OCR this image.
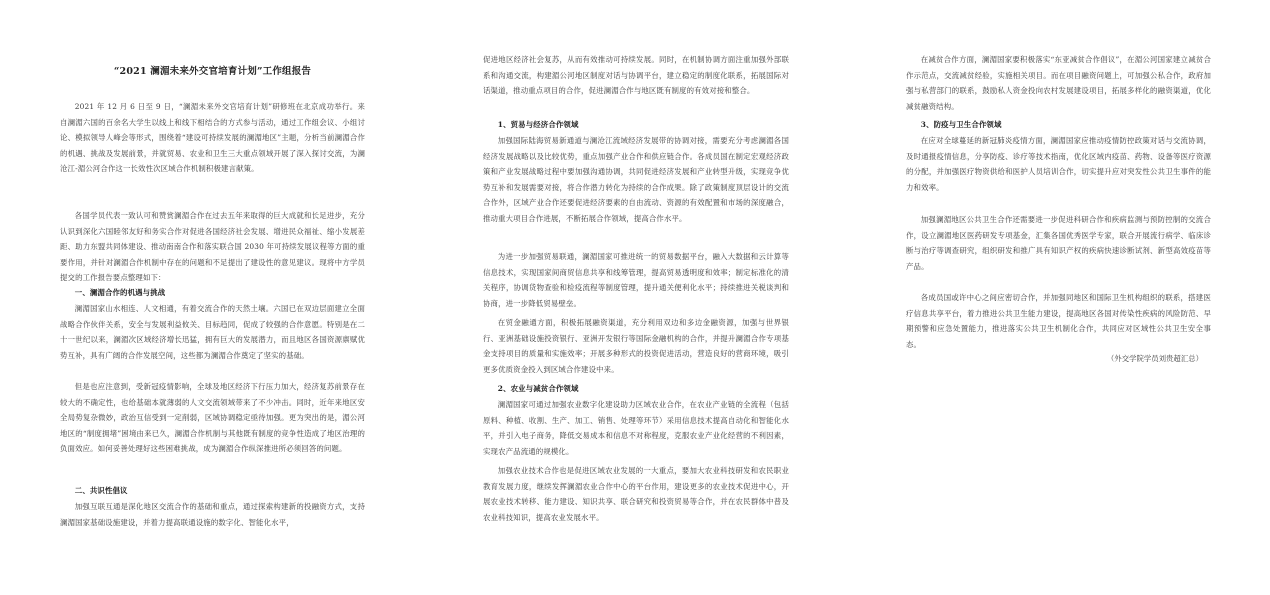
“2021 澜湄未来外交官培育计划”工作组报告
2021 年 12 月 6 日至 9 日，“澜湄未来外交官培育计划”研修班在北京成功举行。来自澜湄六国的百余名大学生以线上和线下相结合的方式参与活动，通过工作组会议、小组讨论、模拟领导人峰会等形式，围绕着“建设可持续发展的澜湄地区”主题，分析当前澜湄合作的机遇、挑战及发展前景，并就贸易、农业和卫生三大重点领域开展了深入探讨交流，为澜沧江-湄公河合作这一长效性次区域合作机制积极建言献策。
各国学员代表一致认可和赞赏澜湄合作在过去五年来取得的巨大成就和长足进步，充分认识到深化六国睦邻友好和务实合作对促进各国经济社会发展、增进民众福祉、缩小发展差距、助力东盟共同体建设、推动南南合作和落实联合国 2030 年可持续发展议程等方面的重要作用，并针对澜湄合作机制中存在的问题和不足提出了建设性的意见建议。现将中方学员提交的工作报告要点整理如下：
一、澜湄合作的机遇与挑战
澜湄国家山水相连、人文相通，有着交流合作的天然土壤。六国已在双边层面建立全面战略合作伙伴关系，安全与发展利益攸关、目标趋同，促成了较强的合作意愿。特别是在二十一世纪以来，澜湄次区域经济增长迅猛，拥有巨大的发展潜力，而且地区各国资源禀赋优势互补，具有广阔的合作发展空间，这些都为澜湄合作奠定了坚实的基础。
但是也应注意到，受新冠疫情影响，全球及地区经济下行压力加大，经济复苏前景存在较大的不确定性，也给基础本就薄弱的人文交流领域带来了不少冲击。同时，近年来地区安全局势复杂微妙，政治互信受到一定削弱，区域协调稳定亟待加强。更为突出的是，湄公河地区的“制度拥堵”困境由来已久，澜湄合作机制与其他既有制度的竞争性造成了地区治理的负面效应。如何妥善处理好这些困难挑战，成为澜湄合作纵深推进所必须回答的问题。
二、共识性倡议
加强互联互通是深化地区交流合作的基础和重点，通过探索构建新的投融资方式，支持澜湄国家基础设施建设，并着力提高联通设施的数字化、智能化水平，
促进地区经济社会复苏，从而有效推动可持续发展。同时，在机制协调方面注重加强外部联系和沟通交流，构建湄公河地区制度对话与协调平台，建立稳定的制度化联系，拓展国际对话渠道，推动重点项目的合作，促进澜湄合作与地区既有制度的有效对接和整合。
1、贸易与经济合作领域
加强国际陆海贸易新通道与澜沧江流域经济发展带的协调对接，需要充分考虑澜湄各国经济发展战略以及比较优势，重点加强产业合作和供应链合作。各成员国在制定宏观经济政策和产业发展战略过程中要加强沟通协调，共同促进经济发展和产业转型升级，实现竞争优势互补和发展需要对接，将合作潜力转化为持续的合作成果。除了政策制度顶层设计的交流合作外，区域产业合作还要促进经济要素的自由流动、资源的有效配置和市场的深度融合，推动重大项目合作进展，不断拓展合作领域，提高合作水平。
为进一步加强贸易联通，澜湄国家可推进统一的贸易数据平台，融入大数据和云计算等信息技术，实现国家间商贸信息共享和线筹管理，提高贸易透明度和效率；制定标准化的清关程序，协调货物查验和检疫流程等制度管理，提升通关便利化水平；持续推进关税谈判和协商，进一步降低贸易壁垒。
在贸金融通方面，积极拓展融资渠道，充分利用双边和多边金融资源，加强与世界银行、亚洲基础设施投资银行、亚洲开发银行等国际金融机构的合作，并提升澜湄合作专项基金支持项目的质量和实施效率；开展多种形式的投资促进活动，营造良好的营商环境，吸引更多优质资金投入到区域合作建设中来。
2、农业与减贫合作领域
澜湄国家可通过加强农业数字化建设助力区域农业合作，在农业产业链的全流程（包括原料、种植、收割、生产、加工、销售、处理等环节）采用信息技术提高自动化和智能化水平，并引入电子商务，降低交易成本和信息不对称程度，克服农业产业化经营的不利因素，实现农产品流通的规模化。
加强农业技术合作也是促进区域农业发展的一大重点，要加大农业科技研发和农民职业教育发展力度，继续发挥澜湄农业合作中心的平台作用，建设更多的农业技术促进中心，开展农业技术转移、能力建设、知识共享、联合研究和投资贸易等合作，并在农民群体中普及农业科技知识，提高农业发展水平。
在减贫合作方面，澜湄国家要积极落实“东亚减贫合作倡议”，在湄公河国家建立减贫合作示范点，交流减贫经验，实施相关项目。而在项目融资问题上，可加强公私合作，政府加强与私营部门的联系，鼓励私人资金投向农村发展建设项目，拓展多样化的融资渠道，优化减贫融资结构。
3、防疫与卫生合作领域
在应对全球蔓延的新冠肺炎疫情方面，澜湄国家应推动疫情防控政策对话与交流协调，及时通报疫情信息，分享防疫、诊疗等技术指南，优化区域内疫苗、药物、设备等医疗资源的分配，并加强医疗物资供给和医护人员培训合作，切实提升应对突发性公共卫生事件的能力和效率。
加强澜湄地区公共卫生合作还需要进一步促进科研合作和疾病监测与预防控制的交流合作，设立澜湄地区医药研发专项基金，汇集各国优秀医学专家，联合开展流行病学、临床诊断与治疗等调查研究，组织研发和推广具有知识产权的疾病快速诊断试剂、新型高效疫苗等产品。
各成员国或许中心之间应密切合作，并加强同地区和国际卫生机构组织的联系，搭建医疗信息共享平台，着力推进公共卫生能力建设，提高地区各国对传染性疾病的风险防范、早期预警和应急处置能力，推进落实公共卫生机制化合作，共同应对区域性公共卫生安全事态。
（外交学院学员刘贵超汇总）
